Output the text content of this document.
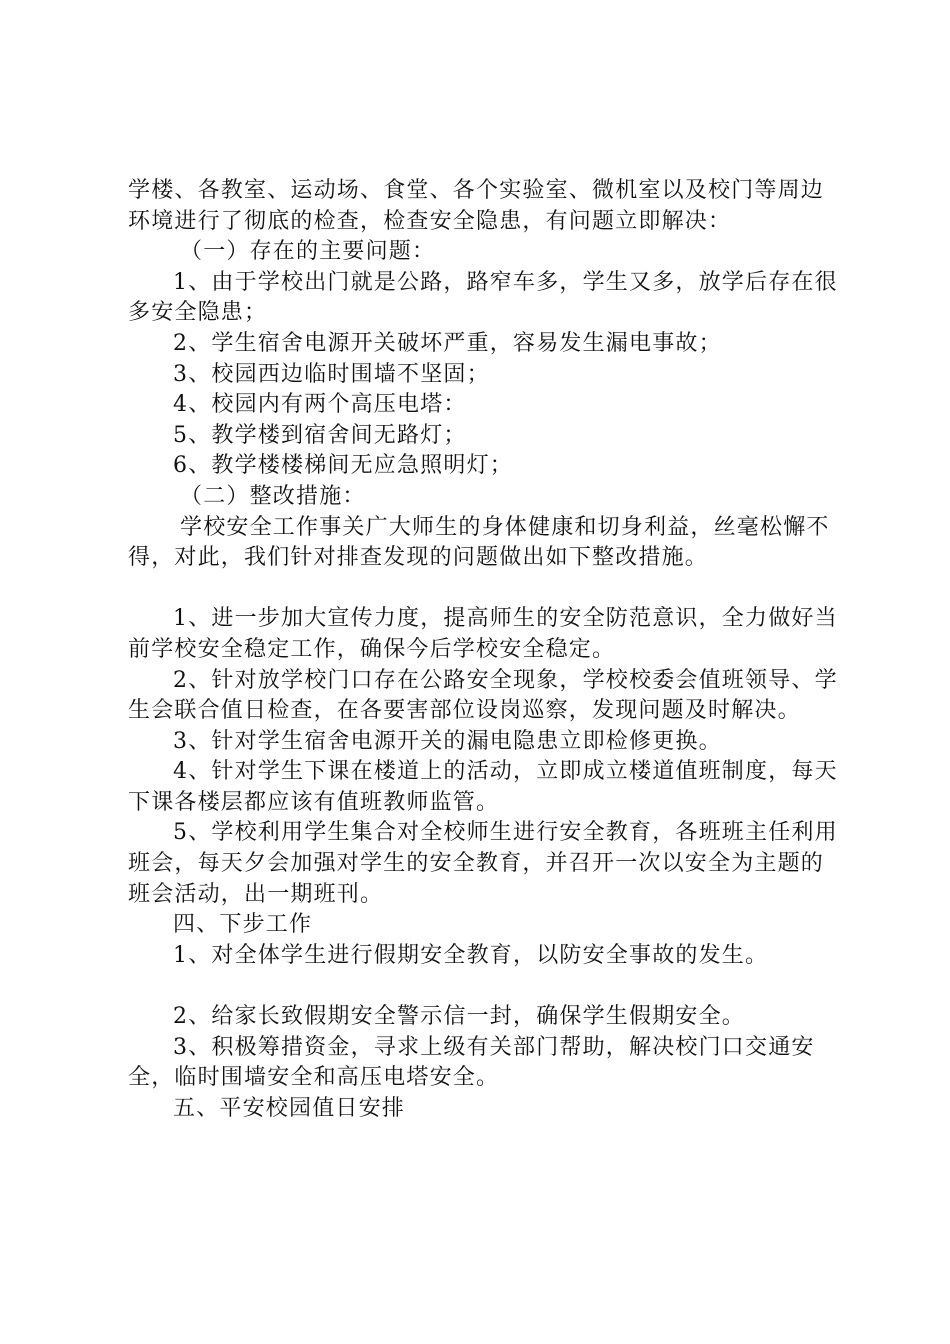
学楼、各教室、运动场、食堂、各个实验室、微机室以及校门等周边环境进行了彻底的检查，检查安全隐患，有问题立即解决：

（一）存在的主要问题：

1、由于学校出门就是公路，路窄车多，学生又多，放学后存在很多安全隐患；

2、学生宿舍电源开关破坏严重，容易发生漏电事故；

3、校园西边临时围墙不坚固；

4、校园内有两个高压电塔：

5、教学楼到宿舍间无路灯；

6、教学楼楼梯间无应急照明灯；

（二）整改措施：

学校安全工作事关广大师生的身体健康和切身利益，丝毫松懈不得，对此，我们针对排查发现的问题做出如下整改措施。

1、进一步加大宣传力度，提高师生的安全防范意识，全力做好当前学校安全稳定工作，确保今后学校安全稳定。

2、针对放学校门口存在公路安全现象，学校校委会值班领导、学生会联合值日检查，在各要害部位设岗巡察，发现问题及时解决。

3、针对学生宿舍电源开关的漏电隐患立即检修更换。

4、针对学生下课在楼道上的活动，立即成立楼道值班制度，每天下课各楼层都应该有值班教师监管。

5、学校利用学生集合对全校师生进行安全教育，各班班主任利用班会，每天夕会加强对学生的安全教育，并召开一次以安全为主题的班会活动，出一期班刊。

四、下步工作

1、对全体学生进行假期安全教育，以防安全事故的发生。

2、给家长致假期安全警示信一封，确保学生假期安全。

3、积极筹措资金，寻求上级有关部门帮助，解决校门口交通安全，临时围墙安全和高压电塔安全。

五、平安校园值日安排
